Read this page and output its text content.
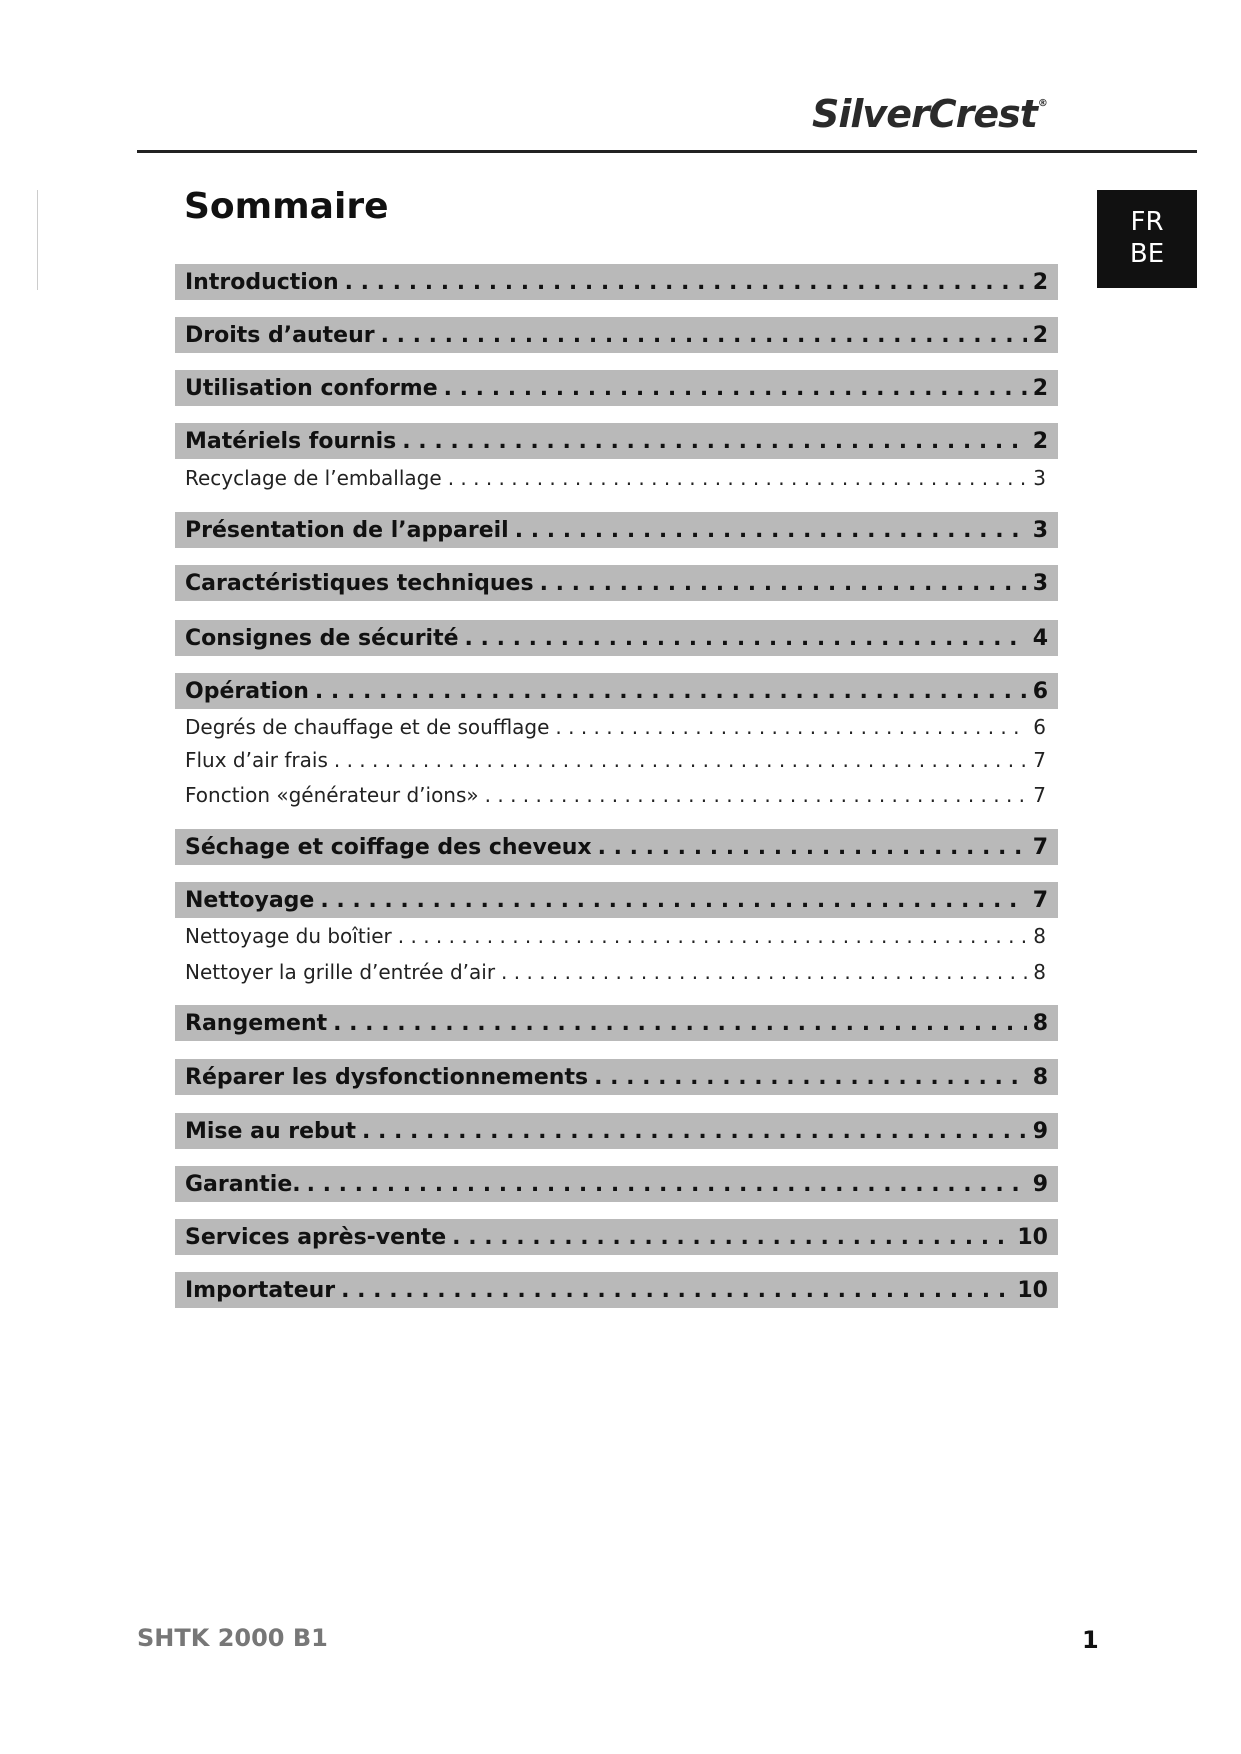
SilverCrest®
FR
BE
Sommaire
Introduction . . .	2
Droits d’auteur . . .	2
Utilisation conforme . . .	2
Matériels fournis . . .	2
Recyclage de l’emballage . . .	3
Présentation de l’appareil . . .	3
Caractéristiques techniques . . .	3
Consignes de sécurité . . .	4
Opération . . .	6
Degrés de chauffage et de soufflage . . .	6
Flux d’air frais . . .	7
Fonction «générateur d’ions» . . .	7
Séchage et coiffage des cheveux . . .	7
Nettoyage . . .	7
Nettoyage du boîtier . . .	8
Nettoyer la grille d’entrée d’air . . .	8
Rangement . . .	8
Réparer les dysfonctionnements . . .	8
Mise au rebut . . .	9
Garantie. . . .	9
Services après-vente . . .	10
Importateur . . .	10
SHTK 2000 B1	1
